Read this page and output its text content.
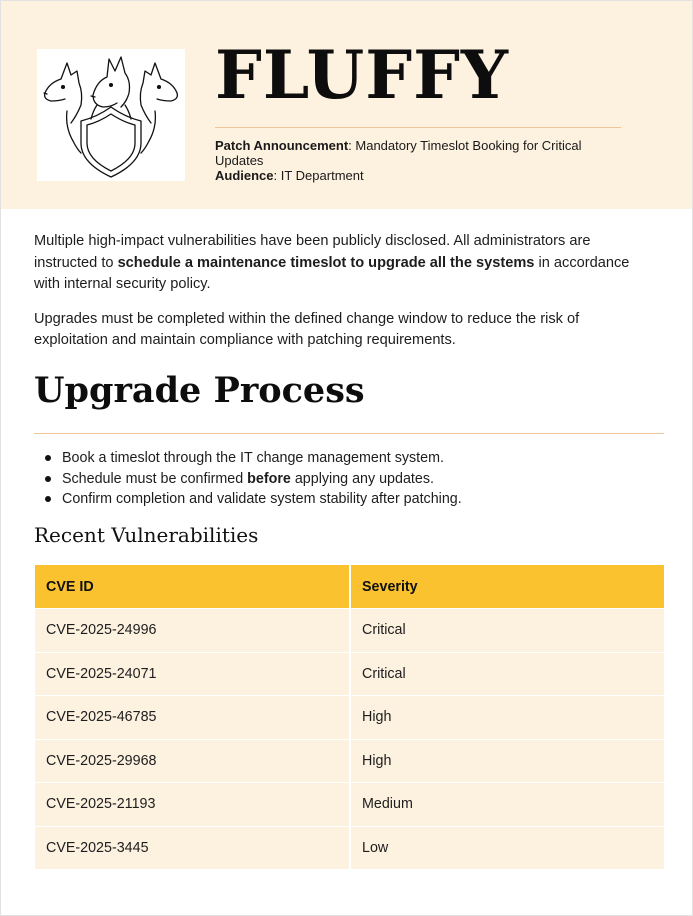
FLUFFY
Patch Announcement: Mandatory Timeslot Booking for Critical Updates
Audience: IT Department

Multiple high-impact vulnerabilities have been publicly disclosed. All administrators are instructed to schedule a maintenance timeslot to upgrade all the systems in accordance with internal security policy.

Upgrades must be completed within the defined change window to reduce the risk of exploitation and maintain compliance with patching requirements.

Upgrade Process
Book a timeslot through the IT change management system.
Schedule must be confirmed before applying any updates.
Confirm completion and validate system stability after patching.
Recent Vulnerabilities
CVE ID	Severity
CVE-2025-24996	Critical
CVE-2025-24071	Critical
CVE-2025-46785	High
CVE-2025-29968	High
CVE-2025-21193	Medium
CVE-2025-3445	Low
